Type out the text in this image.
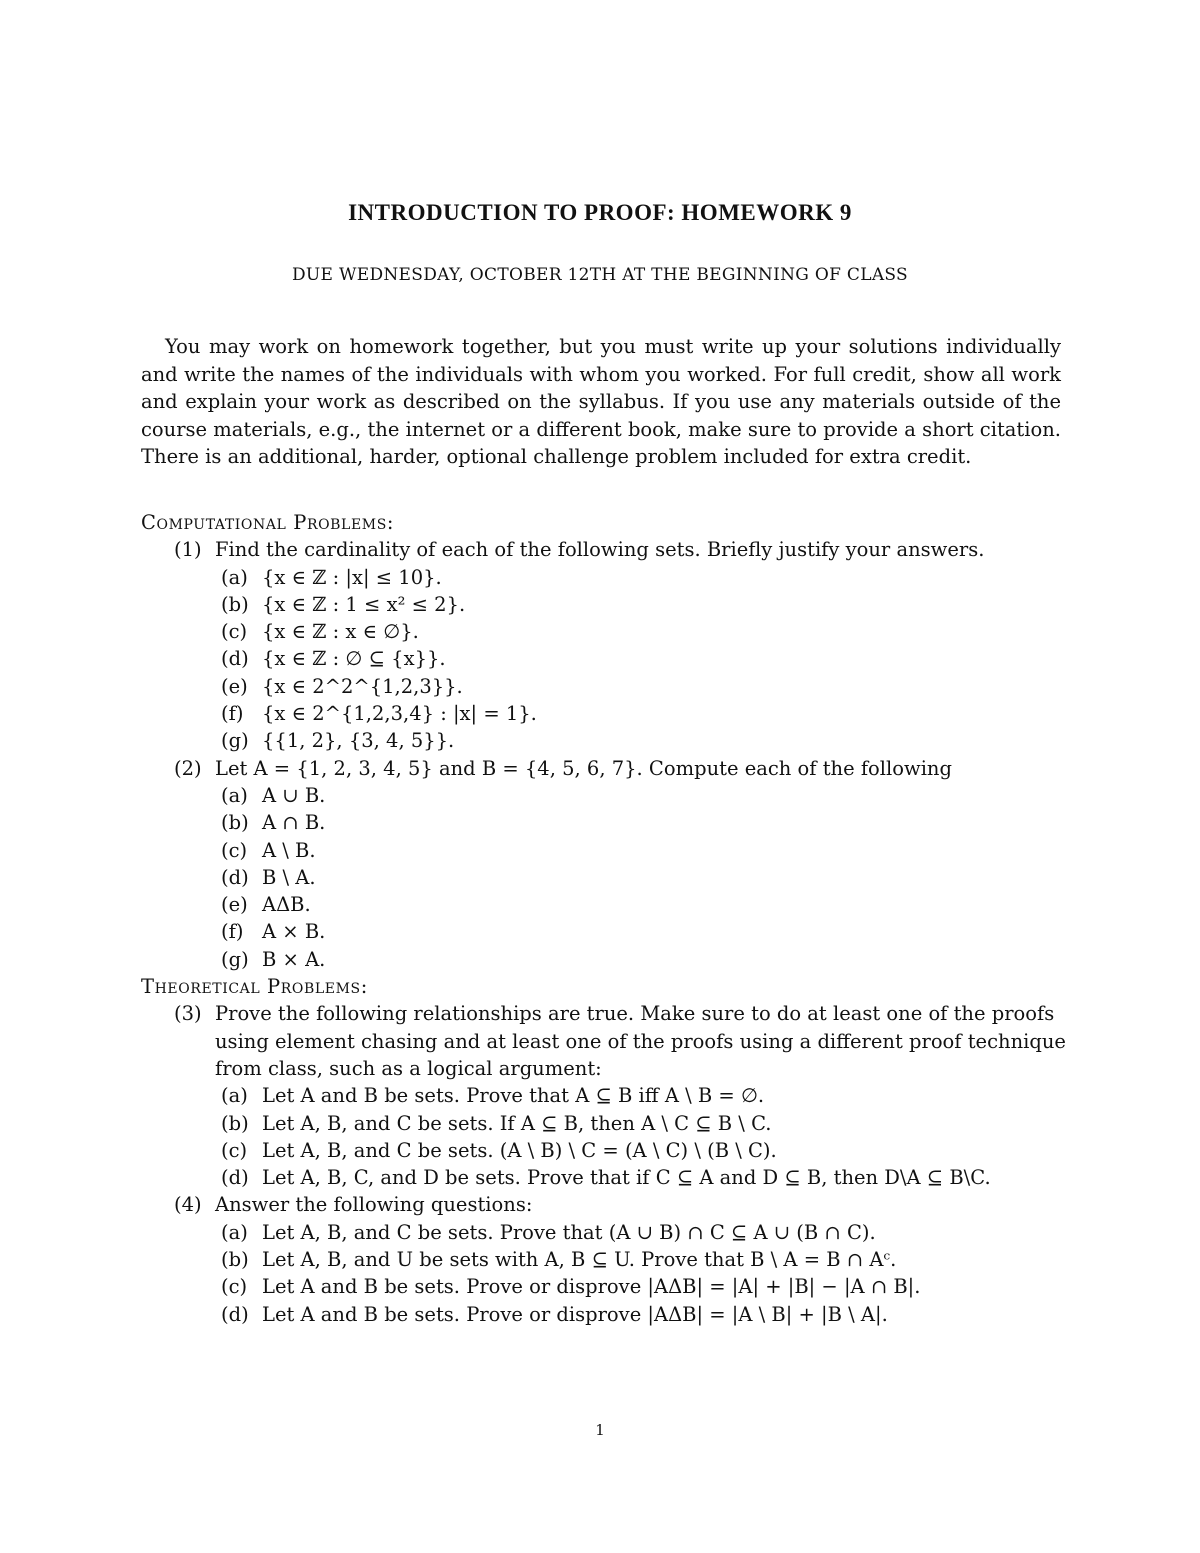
INTRODUCTION TO PROOF: HOMEWORK 9
DUE WEDNESDAY, OCTOBER 12TH AT THE BEGINNING OF CLASS

You may work on homework together, but you must write up your solutions individually and write the names of the individuals with whom you worked. For full credit, show all work and explain your work as described on the syllabus. If you use any materials outside of the course materials, e.g., the internet or a different book, make sure to provide a short citation. There is an additional, harder, optional challenge problem included for extra credit.

Computational Problems:
(1) Find the cardinality of each of the following sets. Briefly justify your answers.
(a) {x ∈ ℤ : |x| ≤ 10}.
(b) {x ∈ ℤ : 1 ≤ x² ≤ 2}.
(c) {x ∈ ℤ : x ∈ ∅}.
(d) {x ∈ ℤ : ∅ ⊆ {x}}.
(e) {x ∈ 2^2^{1,2,3}}.
(f) {x ∈ 2^{1,2,3,4} : |x| = 1}.
(g) {{1, 2}, {3, 4, 5}}.
(2) Let A = {1, 2, 3, 4, 5} and B = {4, 5, 6, 7}. Compute each of the following
(a) A ∪ B.
(b) A ∩ B.
(c) A \ B.
(d) B \ A.
(e) AΔB.
(f) A × B.
(g) B × A.
Theoretical Problems:
(3) Prove the following relationships are true. Make sure to do at least one of the proofs
using element chasing and at least one of the proofs using a different proof technique
from class, such as a logical argument:
(a) Let A and B be sets. Prove that A ⊆ B iff A \ B = ∅.
(b) Let A, B, and C be sets. If A ⊆ B, then A \ C ⊆ B \ C.
(c) Let A, B, and C be sets. (A \ B) \ C = (A \ C) \ (B \ C).
(d) Let A, B, C, and D be sets. Prove that if C ⊆ A and D ⊆ B, then D\A ⊆ B\C.
(4) Answer the following questions:
(a) Let A, B, and C be sets. Prove that (A ∪ B) ∩ C ⊆ A ∪ (B ∩ C).
(b) Let A, B, and U be sets with A, B ⊆ U. Prove that B \ A = B ∩ Aᶜ.
(c) Let A and B be sets. Prove or disprove |AΔB| = |A| + |B| − |A ∩ B|.
(d) Let A and B be sets. Prove or disprove |AΔB| = |A \ B| + |B \ A|.
1
